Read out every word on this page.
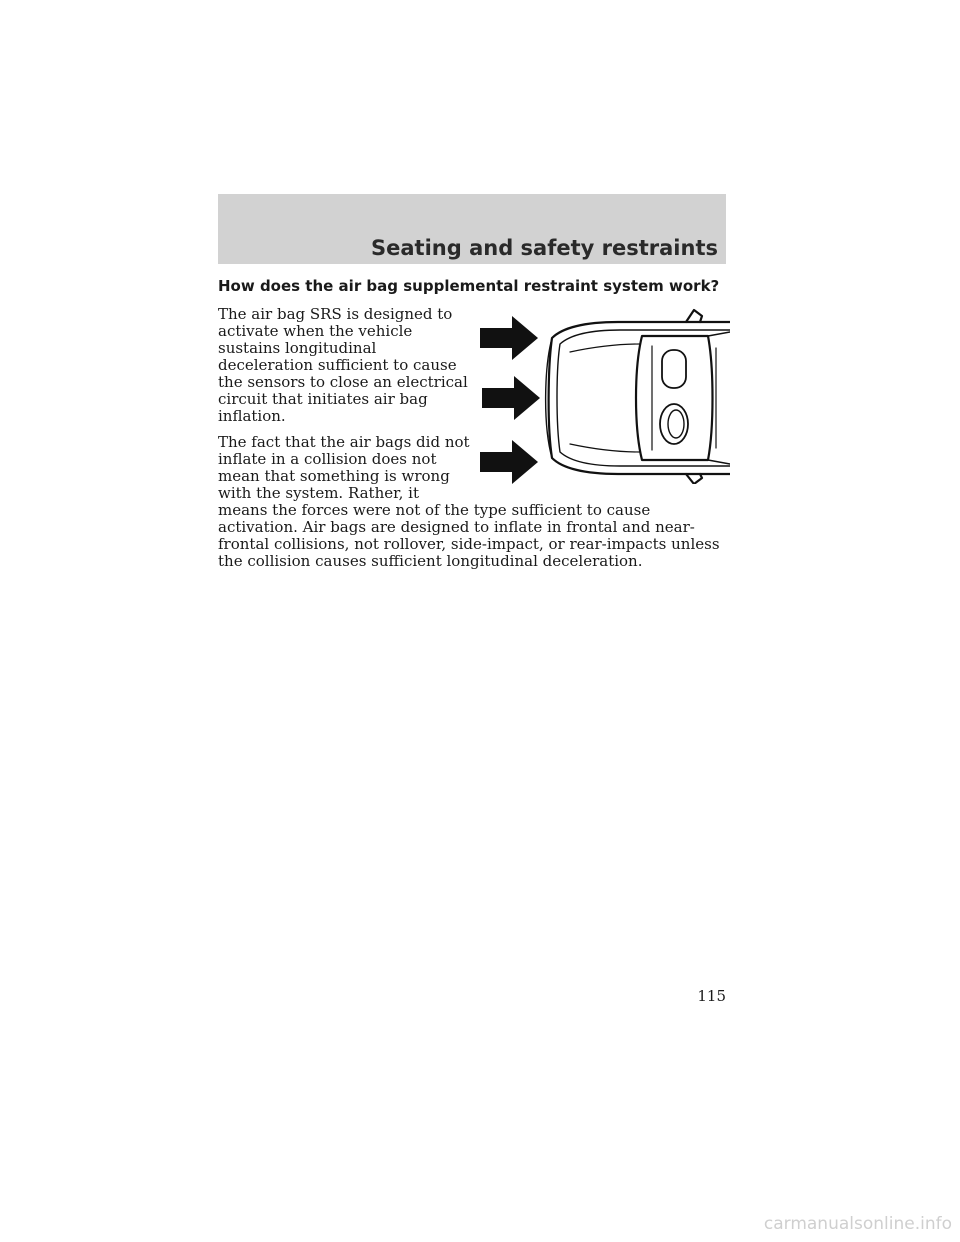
Seating and safety restraints
How does the air bag supplemental restraint system work?

The air bag SRS is designed to activate when the vehicle sustains longitudinal deceleration sufficient to cause the sensors to close an electrical circuit that initiates air bag inflation.

The fact that the air bags did not inflate in a collision does not mean that something is wrong with the system. Rather, it means the forces were not of the type sufficient to cause activation. Air bags are designed to inflate in frontal and near-frontal collisions, not rollover, side-impact, or rear-impacts unless the collision causes sufficient longitudinal deceleration.

115
carmanualsonline.info
